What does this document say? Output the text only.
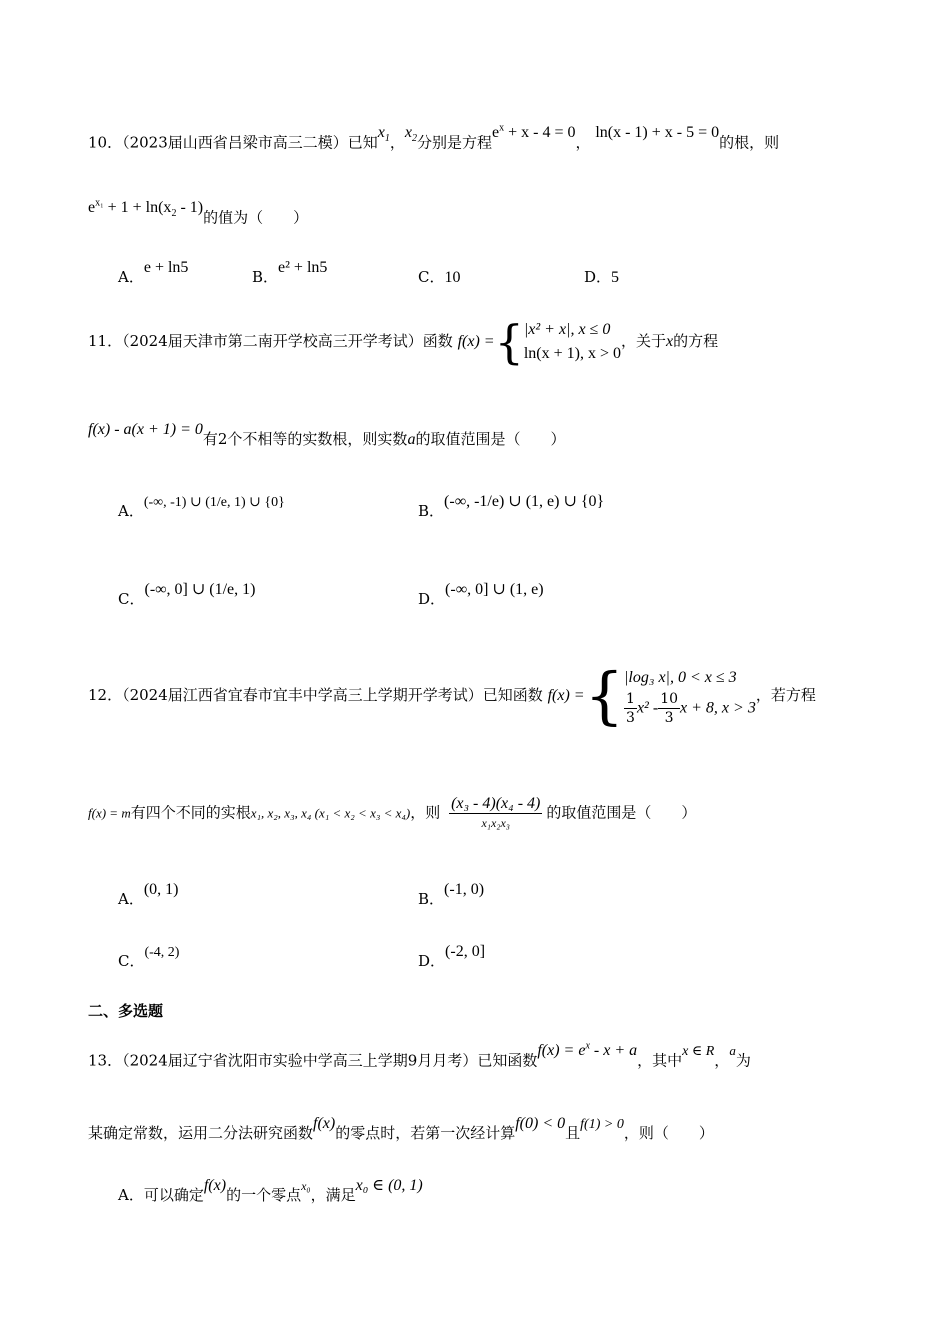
10．（2023届山西省吕梁市高三二模）已知$x_1$，$x_2$分别是方程$e^x + x - 4 = 0$， ln(x - 1) + x - 5 = 0的根，则
$e^{x_1} + 1 + \ln(x_2 - 1)$的值为（　　）
A．e + ln5
B．e² + ln5
C．10	D．5
11．（2024届天津市第二南开学校高三开学考试）函数 f(x) ={ |x² + x|, x ≤ 0
ln(x + 1), x > 0
，关于x的方程
f(x) - a(x + 1) = 0有2个不相等的实数根，则实数a的取值范围是（　　）
A．(-∞, -1) ∪ (1/e, 1) ∪ {0}	B．(-∞, -1/e) ∪ (1, e) ∪ {0}
C．(-∞, 0] ∪ (1/e, 1)
D．(-∞, 0] ∪ (1, e)
12．（2024届江西省宜春市宜丰中学高三上学期开学考试）已知函数 f(x) ={ |log₃ x|, 0 < x ≤ 3
$\frac{1}{3} x^2 - \frac{10}{3}$ x + 8, x > 3
，若方程
f(x) = m有四个不同的实根x₁, x₂, x₃, x₄ (x₁ < x₂ < x₃ < x₄)，则 $\frac{\text{(x₃ - 4)(x₄ - 4)}}{\text{x₁x₂x₃}}$ 的取值范围是（　　）
A．(0, 1)
B．(-1, 0)
C．(-4, 2)	D．(-2, 0]
二、多选题
13．（2024届辽宁省沈阳市实验中学高三上学期9月月考）已知函数$f(x) = e^x - x + a$，其中x ∈ R，a为
某确定常数，运用二分法研究函数f(x)的零点时，若第一次经计算f(0) < 0且f(1) > 0，则（　　）
A．可以确定f(x)的一个零点$^{x_0}$，满足x₀ ∈ (0, 1)
